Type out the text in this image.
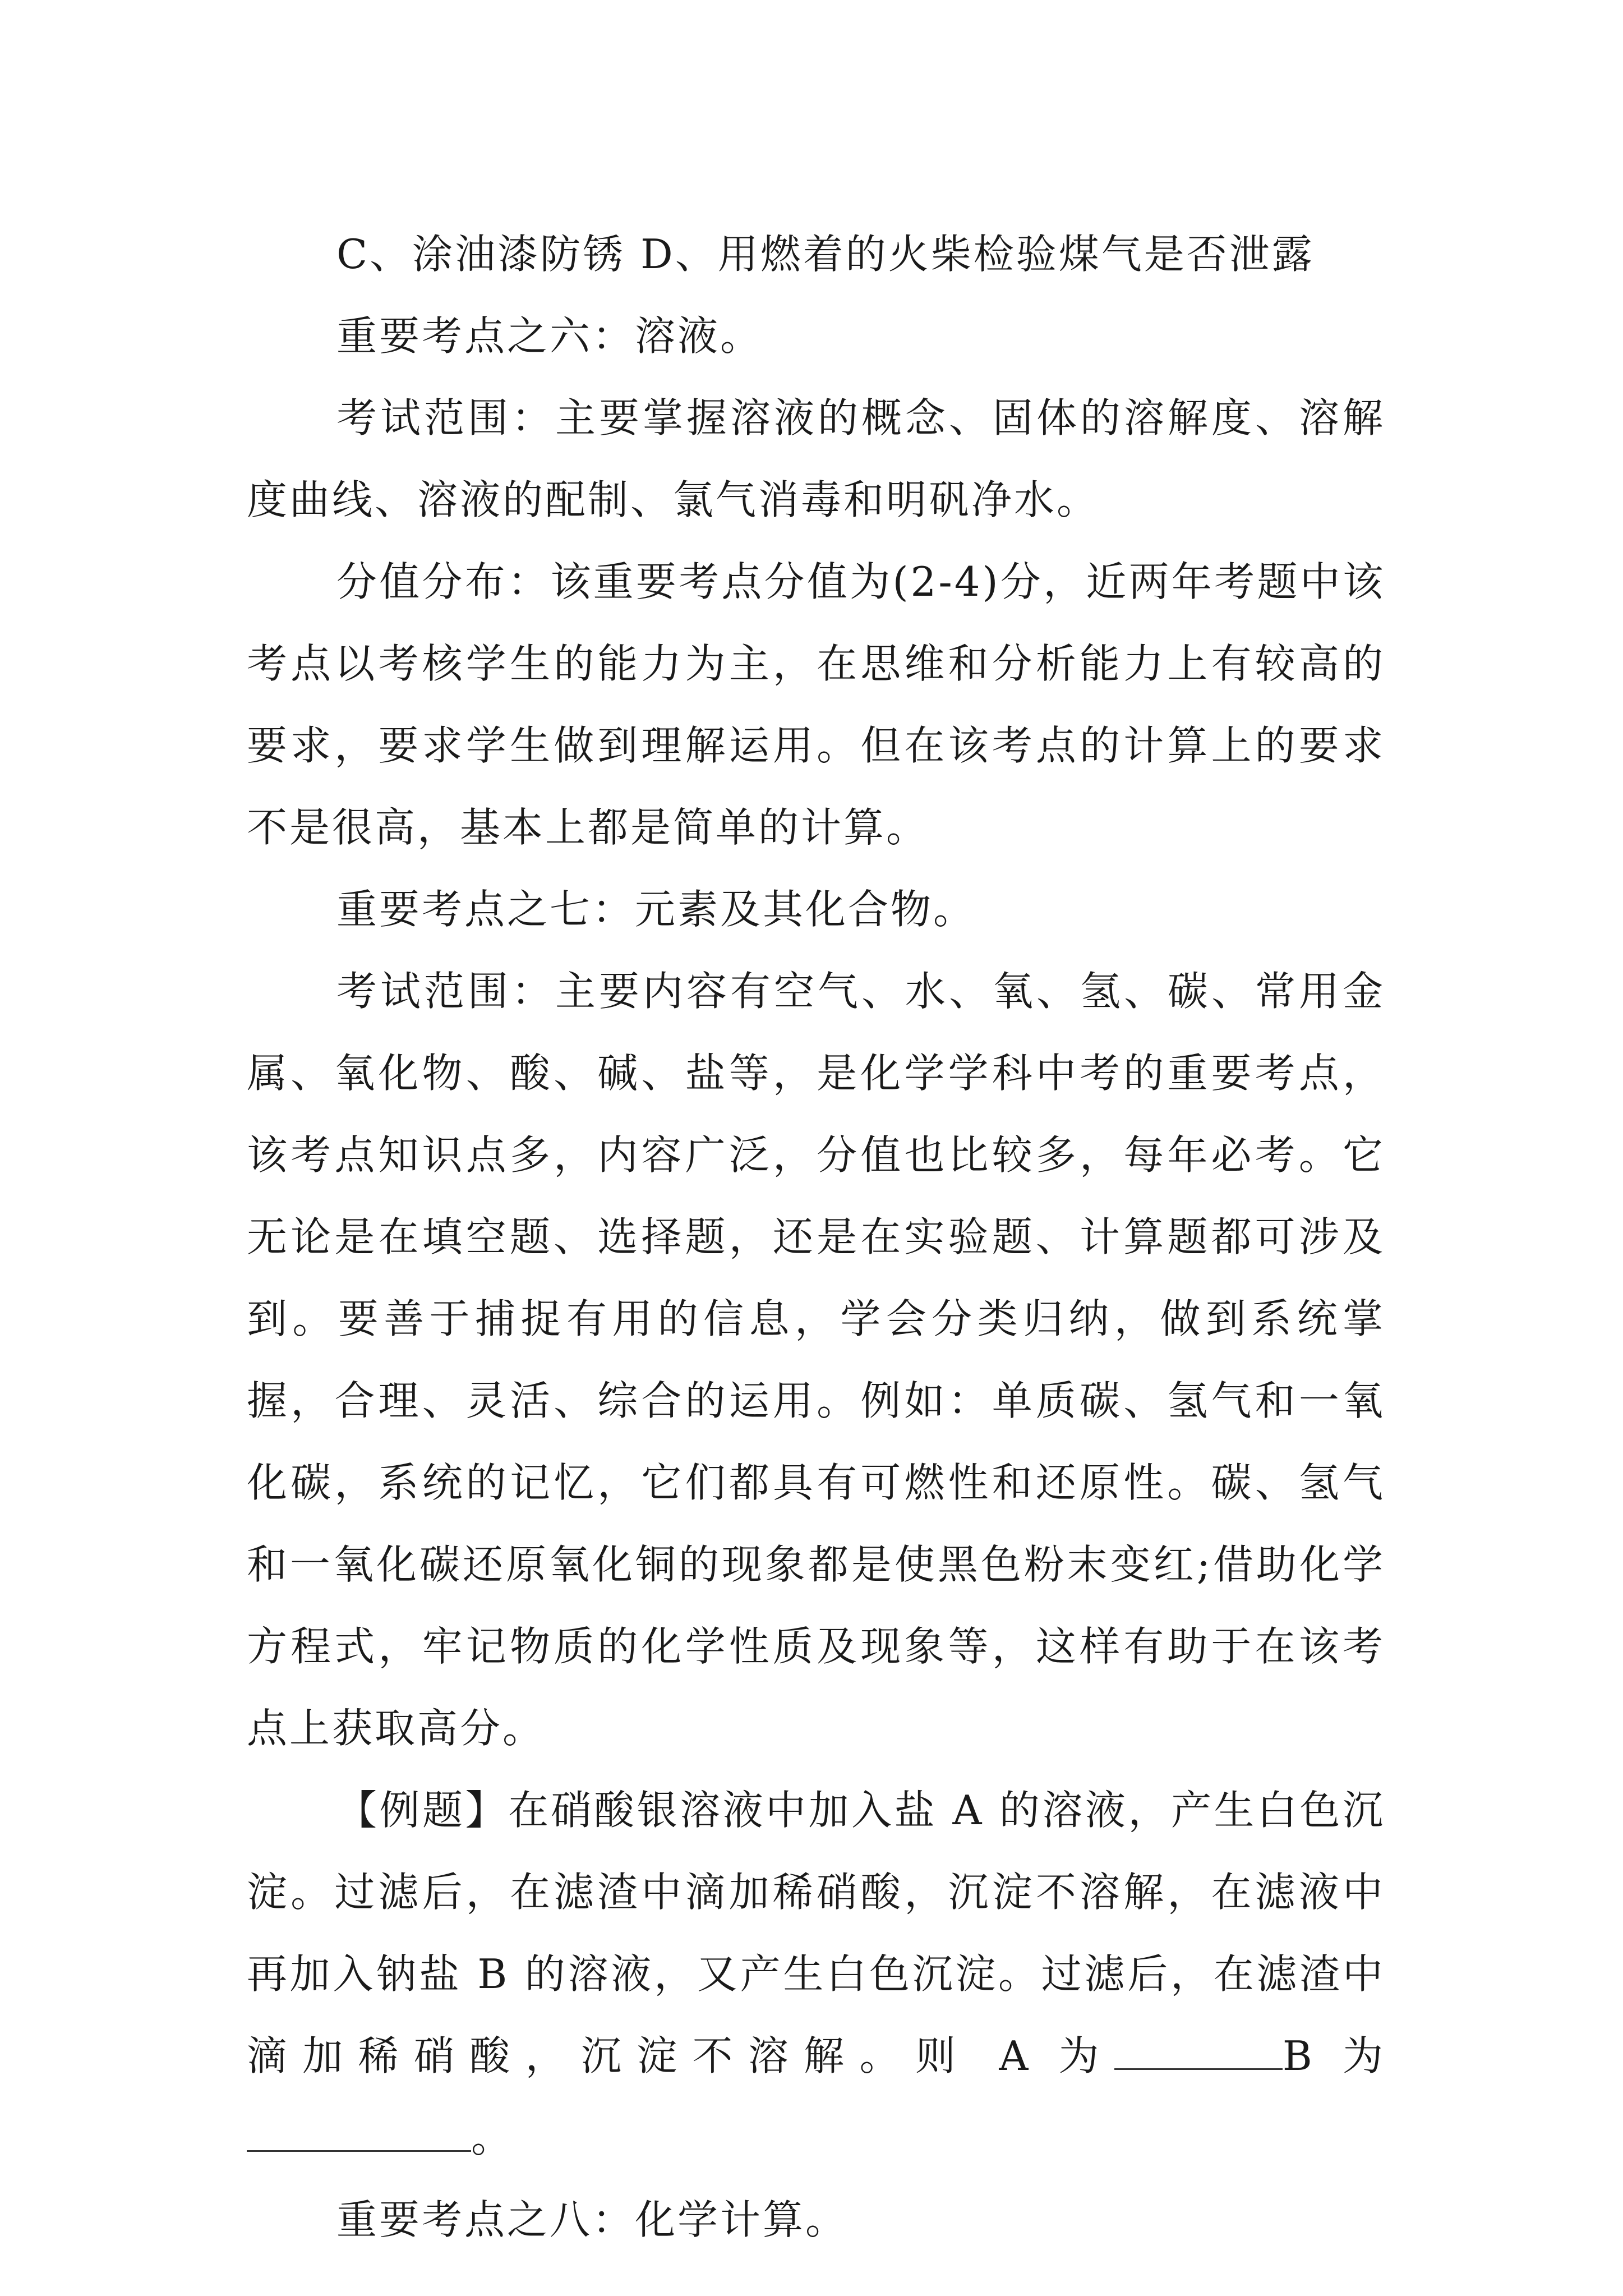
C、涂油漆防锈 D、用燃着的火柴检验煤气是否泄露

重要考点之六：溶液。

考试范围：主要掌握溶液的概念、固体的溶解度、溶解度曲线、溶液的配制、氯气消毒和明矾净水。

分值分布：该重要考点分值为(2-4)分，近两年考题中该考点以考核学生的能力为主，在思维和分析能力上有较高的要求，要求学生做到理解运用。但在该考点的计算上的要求不是很高，基本上都是简单的计算。

重要考点之七：元素及其化合物。

考试范围：主要内容有空气、水、氧、氢、碳、常用金属、氧化物、酸、碱、盐等，是化学学科中考的重要考点，该考点知识点多，内容广泛，分值也比较多，每年必考。它无论是在填空题、选择题，还是在实验题、计算题都可涉及到。要善于捕捉有用的信息，学会分类归纳，做到系统掌握，合理、灵活、综合的运用。例如：单质碳、氢气和一氧化碳，系统的记忆，它们都具有可燃性和还原性。碳、氢气和一氧化碳还原氧化铜的现象都是使黑色粉末变红;借助化学方程式，牢记物质的化学性质及现象等，这样有助于在该考点上获取高分。

【例题】在硝酸银溶液中加入盐 A 的溶液，产生白色沉淀。过滤后，在滤渣中滴加稀硝酸，沉淀不溶解，在滤液中再加入钠盐 B 的溶液，又产生白色沉淀。过滤后，在滤渣中滴加稀硝酸，沉淀不溶解。则 A 为	B 为。

重要考点之八：化学计算。
